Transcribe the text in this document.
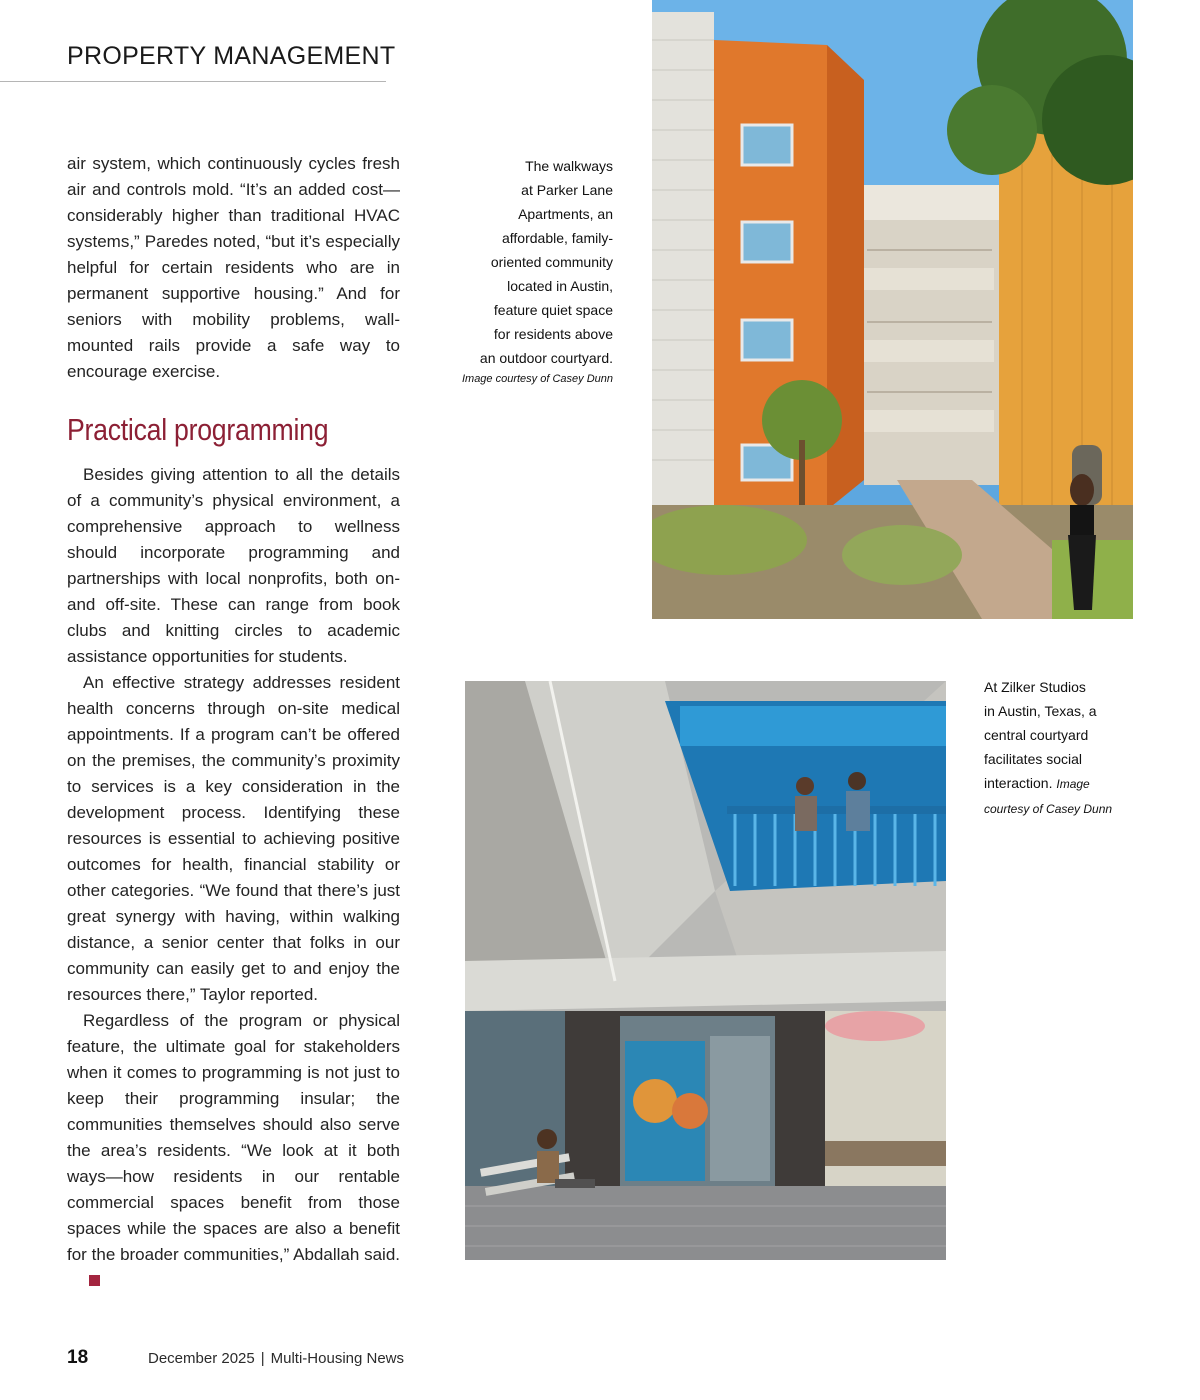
PROPERTY MANAGEMENT

air system, which continuously cycles fresh air and controls mold. “It’s an added cost—considerably higher than traditional HVAC systems,” Paredes noted, “but it’s especially helpful for certain residents who are in permanent supportive housing.” And for seniors with mobility problems, wall-mounted rails provide a safe way to encourage exercise.

Practical programming

Besides giving attention to all the details of a community’s physical environment, a comprehensive approach to wellness should incorporate programming and partnerships with local nonprofits, both on- and off-site. These can range from book clubs and knitting circles to academic assistance opportunities for students.

An effective strategy addresses resident health concerns through on-site medical appointments. If a program can’t be offered on the premises, the community’s proximity to services is a key consideration in the development process. Identifying these resources is essential to achieving positive outcomes for health, financial stability or other categories. “We found that there’s just great synergy with having, within walking distance, a senior center that folks in our community can easily get to and enjoy the resources there,” Taylor reported.

Regardless of the program or physical feature, the ultimate goal for stakeholders when it comes to programming is not just to keep their programming insular; the communities themselves should also serve the area’s residents. “We look at it both ways—how residents in our rentable commercial spaces benefit from those spaces while the spaces are also a benefit for the broader communities,” Abdallah said.

The walkways
at Parker Lane
Apartments, an
affordable, family-
oriented community
located in Austin,
feature quiet space
for residents above
an outdoor courtyard.
Image courtesy of Casey Dunn
At Zilker Studios
in Austin, Texas, a
central courtyard
facilitates social
interaction. Image
courtesy of Casey Dunn
18	December 2025 | Multi-Housing News
